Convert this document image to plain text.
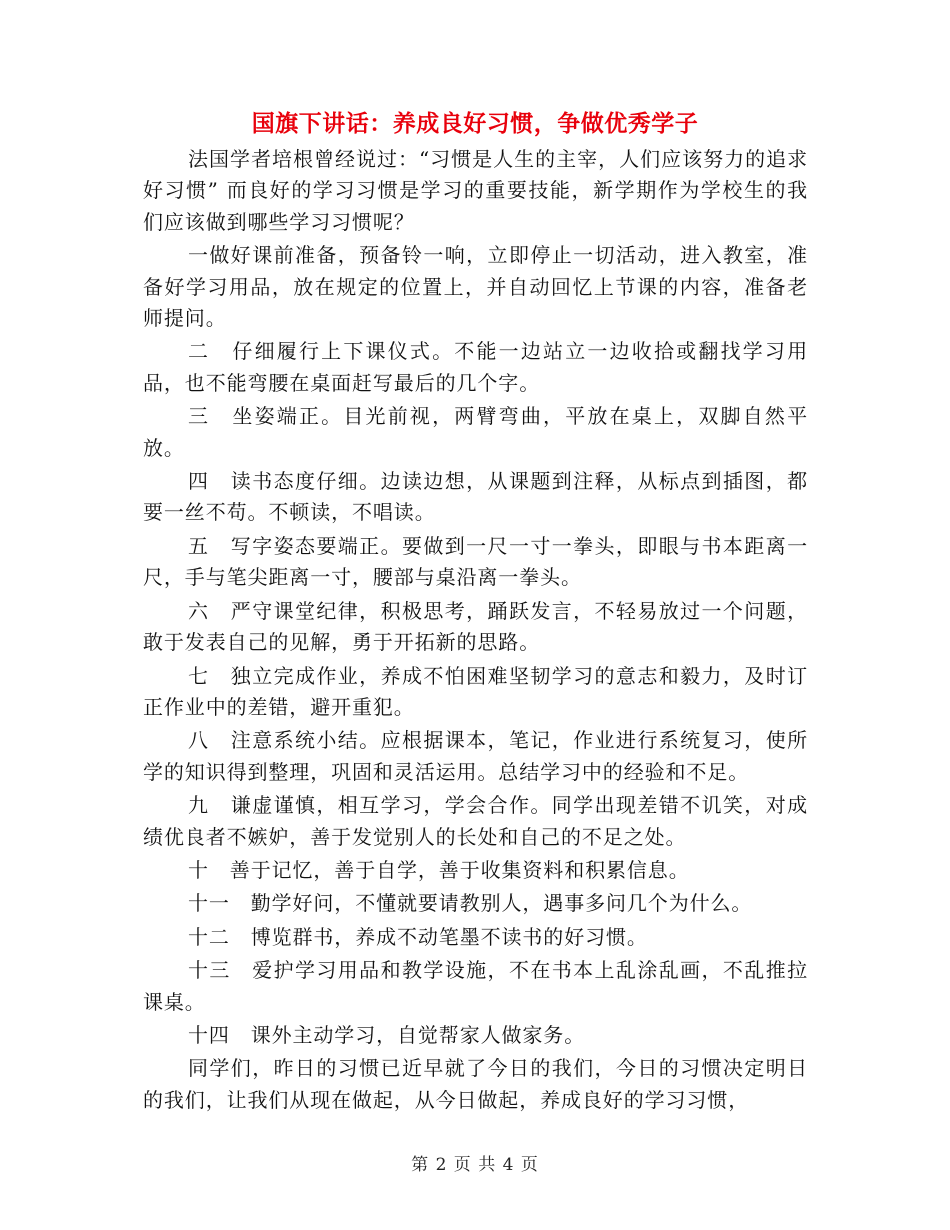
国旗下讲话：养成良好习惯，争做优秀学子

法国学者培根曾经说过：“习惯是人生的主宰，人们应该努力的追求好习惯” 而良好的学习习惯是学习的重要技能，新学期作为学校生的我们应该做到哪些学习习惯呢？

一做好课前准备，预备铃一响，立即停止一切活动，进入教室，准备好学习用品，放在规定的位置上，并自动回忆上节课的内容，准备老师提问。

二　仔细履行上下课仪式。不能一边站立一边收拾或翻找学习用品，也不能弯腰在桌面赶写最后的几个字。

三　坐姿端正。目光前视，两臂弯曲，平放在桌上，双脚自然平放。

四　读书态度仔细。边读边想，从课题到注释，从标点到插图，都要一丝不苟。不顿读，不唱读。

五　写字姿态要端正。要做到一尺一寸一拳头，即眼与书本距离一尺，手与笔尖距离一寸，腰部与桌沿离一拳头。

六　严守课堂纪律，积极思考，踊跃发言，不轻易放过一个问题，敢于发表自己的见解，勇于开拓新的思路。

七　独立完成作业，养成不怕困难坚韧学习的意志和毅力，及时订正作业中的差错，避开重犯。

八　注意系统小结。应根据课本，笔记，作业进行系统复习，使所学的知识得到整理，巩固和灵活运用。总结学习中的经验和不足。

九　谦虚谨慎，相互学习，学会合作。同学出现差错不讥笑，对成绩优良者不嫉妒，善于发觉别人的长处和自己的不足之处。

十　善于记忆，善于自学，善于收集资料和积累信息。

十一　勤学好问，不懂就要请教别人，遇事多问几个为什么。

十二　博览群书，养成不动笔墨不读书的好习惯。

十三　爱护学习用品和教学设施，不在书本上乱涂乱画，不乱推拉课桌。

十四　课外主动学习，自觉帮家人做家务。

同学们，昨日的习惯已近早就了今日的我们，今日的习惯决定明日的我们，让我们从现在做起，从今日做起，养成良好的学习习惯，

第 2 页 共 4 页
